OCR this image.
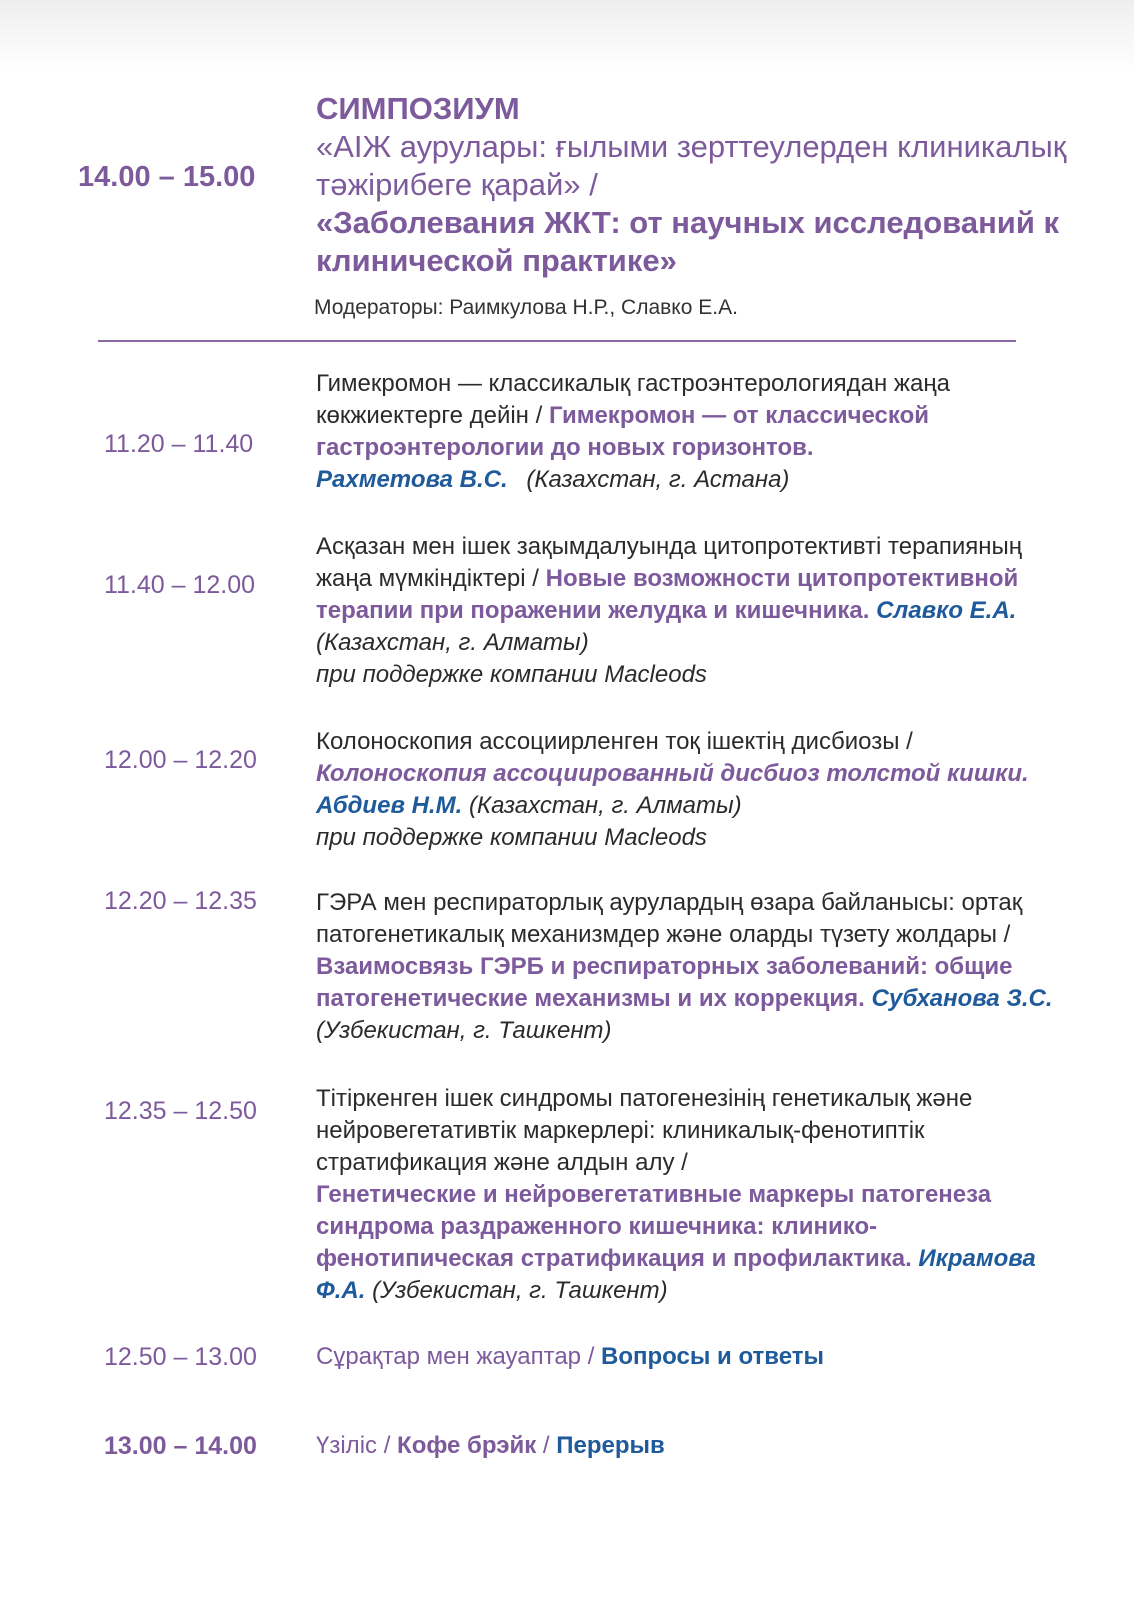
14.00 – 15.00
СИМПОЗИУМ
«АІЖ аурулары: ғылыми зерттеулерден клиникалық тәжірибеге қарай» /
«Заболевания ЖКТ: от научных исследований к клинической практике»
Модераторы: Раимкулова Н.Р., Славко Е.А.
11.20 – 11.40
Гимекромон — классикалық гастроэнтерологиядан жаңа көкжиектерге дейін / Гимекромон — от классической гастроэнтерологии до новых горизонтов.
Рахметова В.С. (Казахстан, г. Астана)
11.40 – 12.00
Асқазан мен ішек зақымдалуында цитопротективті терапияның жаңа мүмкіндіктері / Новые возможности цитопротективной терапии при поражении желудка и кишечника. Славко Е.А. (Казахстан, г. Алматы)
при поддержке компании Macleods
12.00 – 12.20
Колоноскопия ассоциирленген тоқ ішектің дисбиозы / Колоноскопия ассоциированный дисбиоз толстой кишки. Абдиев Н.М. (Казахстан, г. Алматы)
при поддержке компании Macleods
12.20 – 12.35 ГЭРА мен респираторлық аурулардың өзара байланысы: ортақ патогенетикалық механизмдер және оларды түзету жолдары / Взаимосвязь ГЭРБ и респираторных заболеваний: общие патогенетические механизмы и их коррекция. Субханова З.С. (Узбекистан, г. Ташкент)
12.35 – 12.50 Тітіркенген ішек синдромы патогенезінің генетикалық және нейровегетативтік маркерлері: клиникалық-фенотиптік стратификация және алдын алу /
Генетические и нейровегетативные маркеры патогенеза синдрома раздраженного кишечника: клинико-фенотипическая стратификация и профилактика. Икрамова Ф.А. (Узбекистан, г. Ташкент)
12.50 – 13.00 Сұрақтар мен жауаптар / Вопросы и ответы
13.00 – 14.00 Үзіліс / Кофе брэйк / Перерыв
